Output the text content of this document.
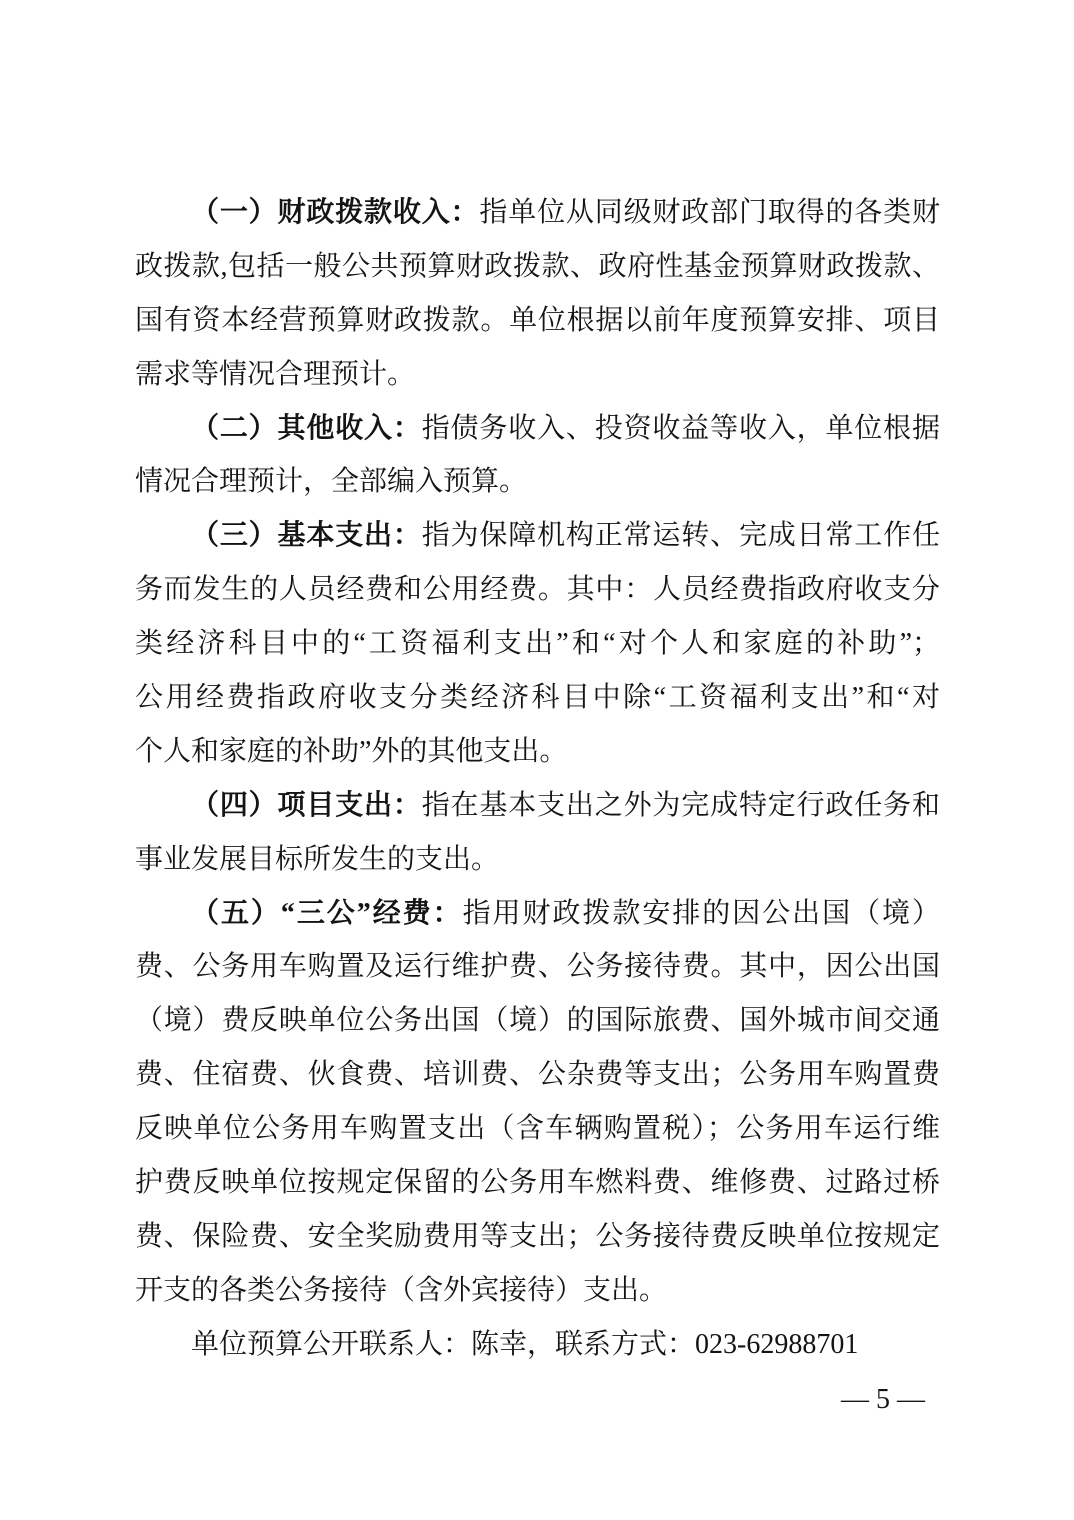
（一）财政拨款收入：指单位从同级财政部门取得的各类财
政拨款,包括一般公共预算财政拨款、政府性基金预算财政拨款、
国有资本经营预算财政拨款。单位根据以前年度预算安排、项目
需求等情况合理预计。
（二）其他收入：指债务收入、投资收益等收入，单位根据
情况合理预计，全部编入预算。
（三）基本支出：指为保障机构正常运转、完成日常工作任
务而发生的人员经费和公用经费。其中：人员经费指政府收支分
类经济科目中的“工资福利支出”和“对个人和家庭的补助”；
公用经费指政府收支分类经济科目中除“工资福利支出”和“对
个人和家庭的补助”外的其他支出。
（四）项目支出：指在基本支出之外为完成特定行政任务和
事业发展目标所发生的支出。
（五）“三公”经费：指用财政拨款安排的因公出国（境）
费、公务用车购置及运行维护费、公务接待费。其中，因公出国
（境）费反映单位公务出国（境）的国际旅费、国外城市间交通
费、住宿费、伙食费、培训费、公杂费等支出；公务用车购置费
反映单位公务用车购置支出（含车辆购置税）；公务用车运行维
护费反映单位按规定保留的公务用车燃料费、维修费、过路过桥
费、保险费、安全奖励费用等支出；公务接待费反映单位按规定
开支的各类公务接待（含外宾接待）支出。
单位预算公开联系人：陈幸，联系方式：023-62988701
— 5 —
